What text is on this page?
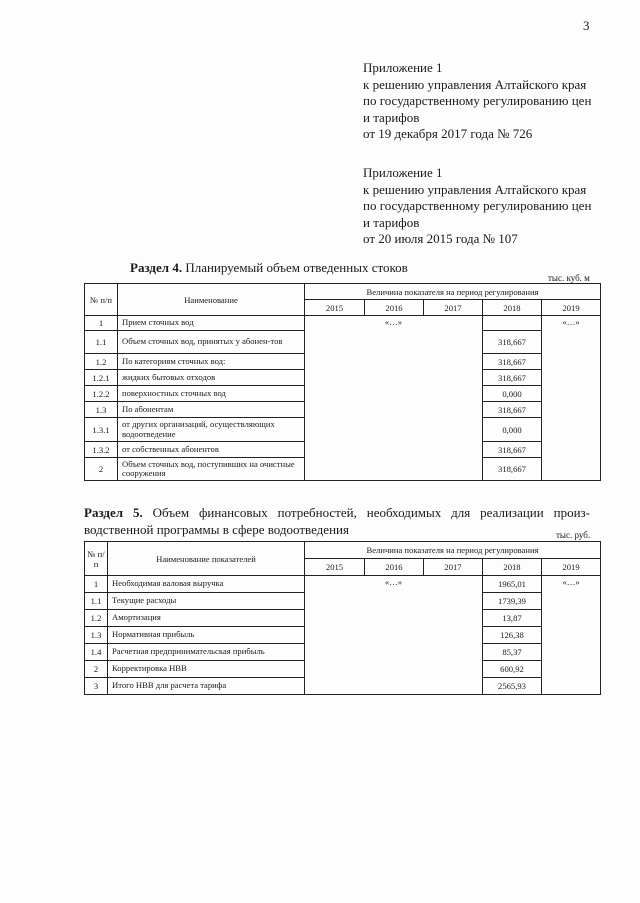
3
Приложение 1
к решению управления Алтайского края
по государственному регулированию цен
и тарифов
от 19 декабря 2017 года № 726
Приложение 1
к решению управления Алтайского края
по государственному регулированию цен
и тарифов
от 20 июля 2015 года № 107
Раздел 4. Планируемый объем отведенных стоков
тыс. куб. м
№ п/п	Наименование	Величина показателя на период регулирования				
		2015	2016	2017	2018	2019
1	Прием сточных вод	«…»				«…»
1.1	Объем сточных вод, принятых у абонен-тов				318,667	
1.2	По категориям сточных вод:				318,667	
1.2.1	жидких бытовых отходов				318,667	
1.2.2	поверхностных сточных вод				0,000	
1.3	По абонентам				318,667	
1.3.1	от других организаций, осуществляющих водоотведение				0,000	
1.3.2	от собственных абонентов				318,667	
2	Объем сточных вод, поступивших на очистные сооружения				318,667	
Раздел 5. Объем финансовых потребностей, необходимых для реализации произ-
водственной программы в сфере водоотведения	тыс. руб.
№ п/ п	Наименование показателей	Величина показателя на период регулирования				
		2015	2016	2017	2018	2019
1	Необходимая валовая выручка	«…»			1965,01	«…»
1.1	Текущие расходы				1739,39	
1.2	Амортизация				13,87	
1.3	Нормативная прибыль				126,38	
1.4	Расчетная предпринимательская прибыль				85,37	
2	Корректировка НВВ				600,92	
3	Итого НВВ для расчета тарифа				2565,93	
